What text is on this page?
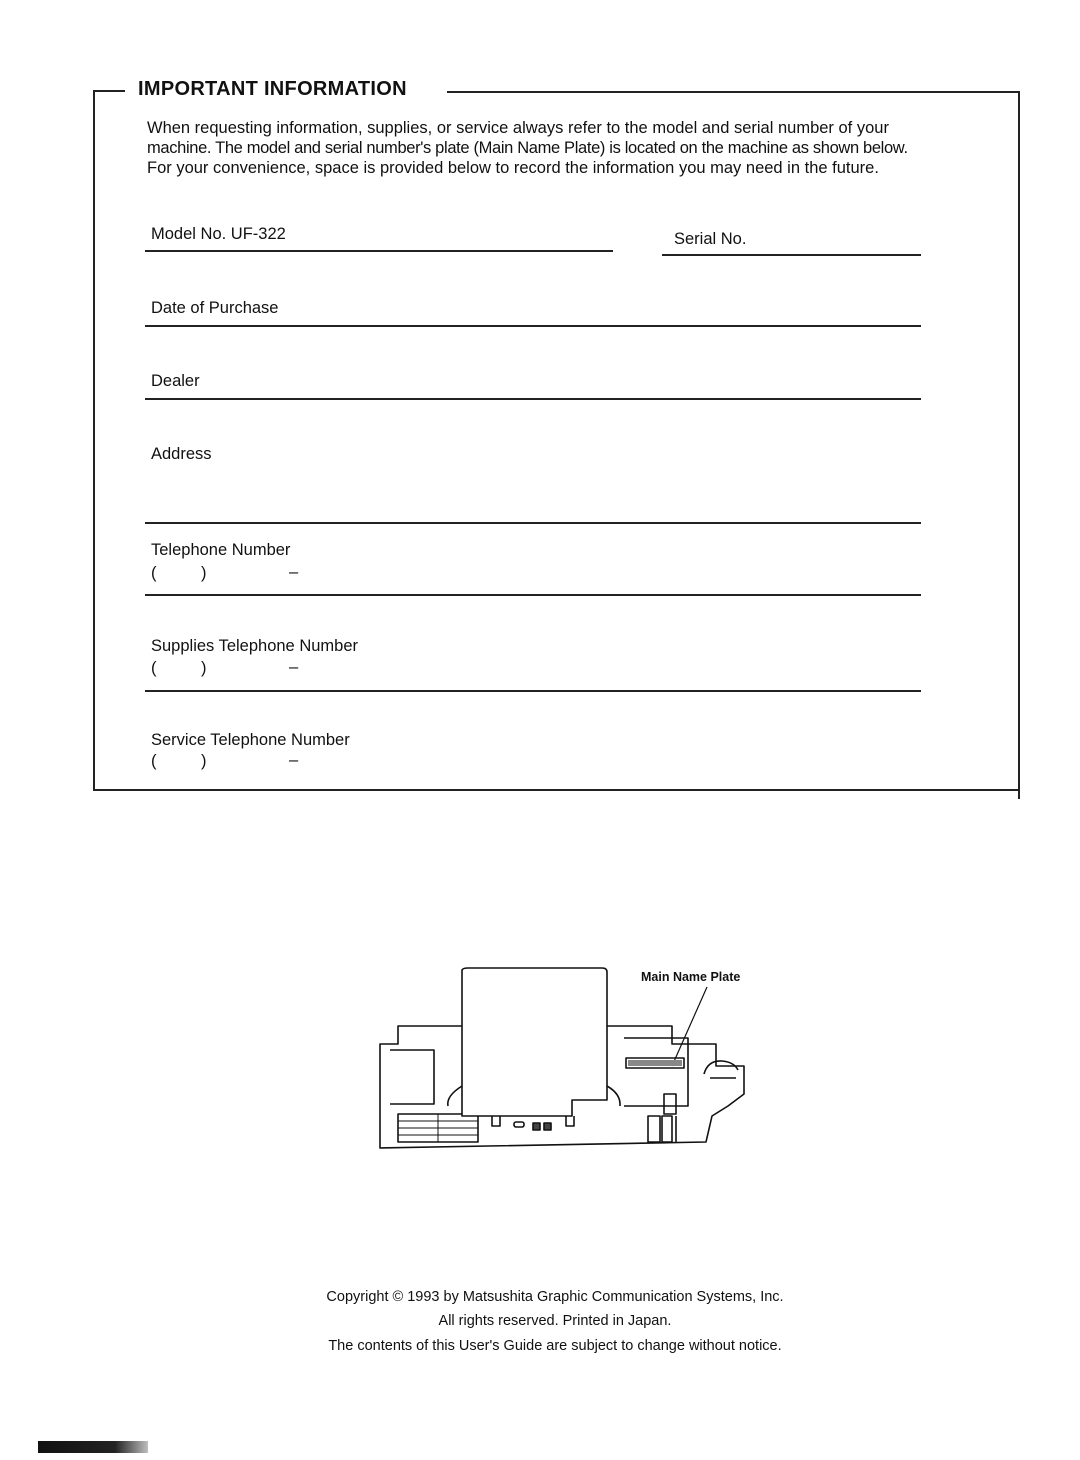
IMPORTANT INFORMATION
When requesting information, supplies, or service always refer to the model and serial number of your
machine. The model and serial number's plate (Main Name Plate) is located on the machine as shown below.
For your convenience, space is provided below to record the information you may need in the future.
Model No. UF-322	Serial No.
Date of Purchase
Dealer
Address
Telephone Number
(	)	–
Supplies Telephone Number
(	)	–
Service Telephone Number
(	)	–
Main Name Plate
Copyright © 1993 by Matsushita Graphic Communication Systems, Inc.
All rights reserved. Printed in Japan.
The contents of this User's Guide are subject to change without notice.
